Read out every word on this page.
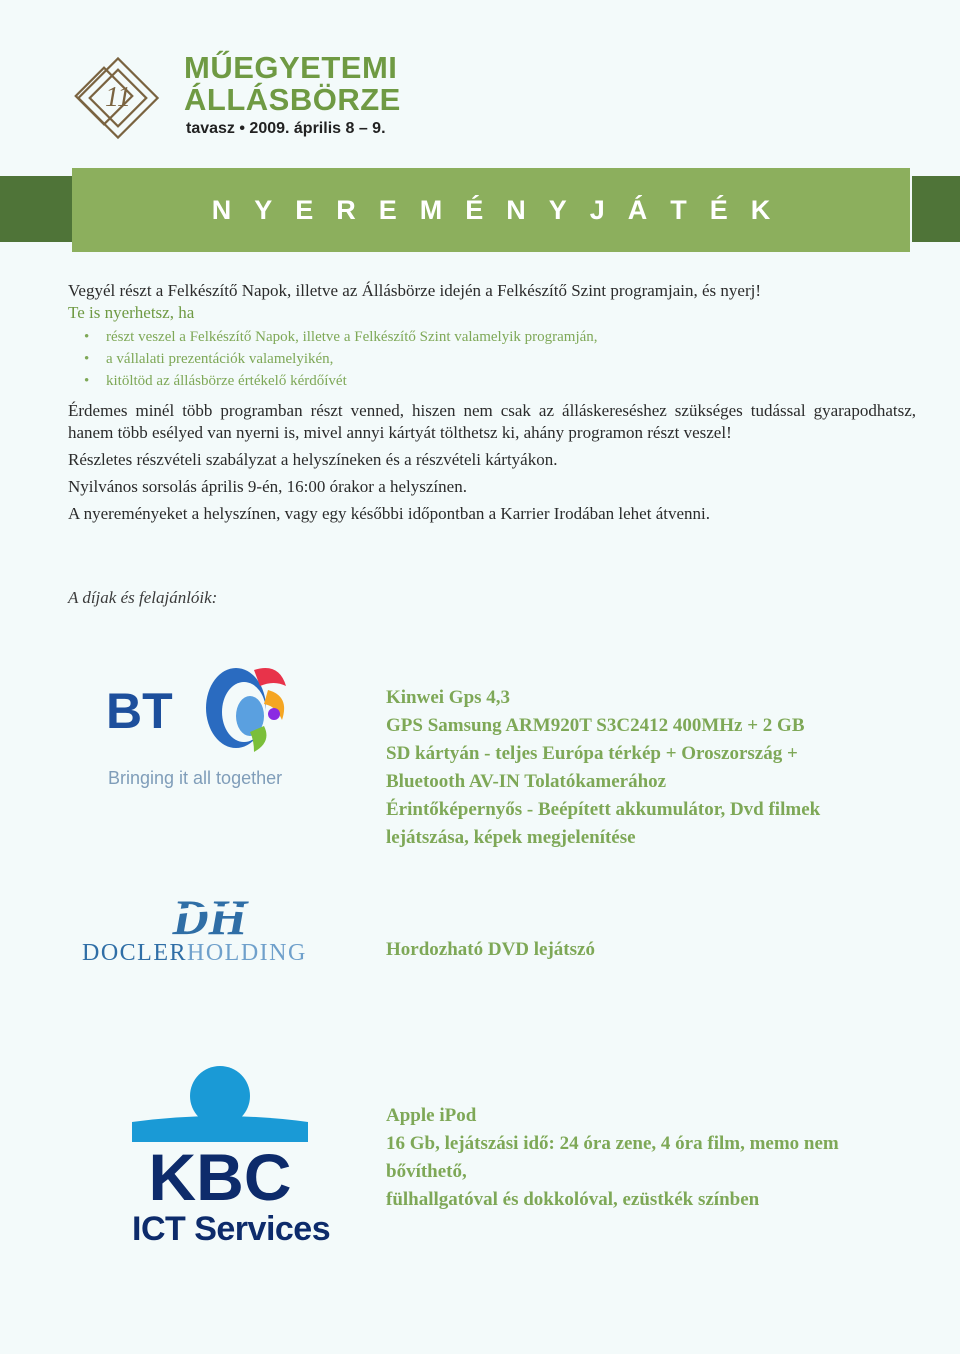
11
MŰEGYETEMI
ÁLLÁSBÖRZE
tavasz • 2009. április 8 – 9.
NYEREMÉNYJÁTÉK

Vegyél részt a Felkészítő Napok, illetve az Állásbörze idején a Felkészítő Szint programjain, és nyerj!

Te is nyerhetsz, ha

• részt veszel a Felkészítő Napok, illetve a Felkészítő Szint valamelyik programján,
• a vállalati prezentációk valamelyikén,
• kitöltöd az állásbörze értékelő kérdőívét

Érdemes minél több programban részt venned, hiszen nem csak az álláskereséshez szükséges tudással gyarapodhatsz, hanem több esélyed van nyerni is, mivel annyi kártyát tölthetsz ki, ahány programon részt veszel!

Részletes részvételi szabályzat a helyszíneken és a részvételi kártyákon.

Nyilvános sorsolás április 9-én, 16:00 órakor a helyszínen.

A nyereményeket a helyszínen, vagy egy későbbi időpontban a Karrier Irodában lehet átvenni.

A díjak és felajánlóik:
BT
Bringing it all together

Kinwei Gps 4,3

GPS Samsung ARM920T S3C2412 400MHz + 2 GB

SD kártyán - teljes Európa térkép + Oroszország +

Bluetooth AV-IN Tolatókamerához

Érintőképernyős - Beépített akkumulátor, Dvd filmek

lejátszása, képek megjelenítése

DH
DOCLERHOLDING	Hordozható DVD lejátszó

KBC
ICT Services

Apple iPod

16 Gb, lejátszási idő: 24 óra zene, 4 óra film, memo nem

bővíthető,

fülhallgatóval és dokkolóval, ezüstkék színben
